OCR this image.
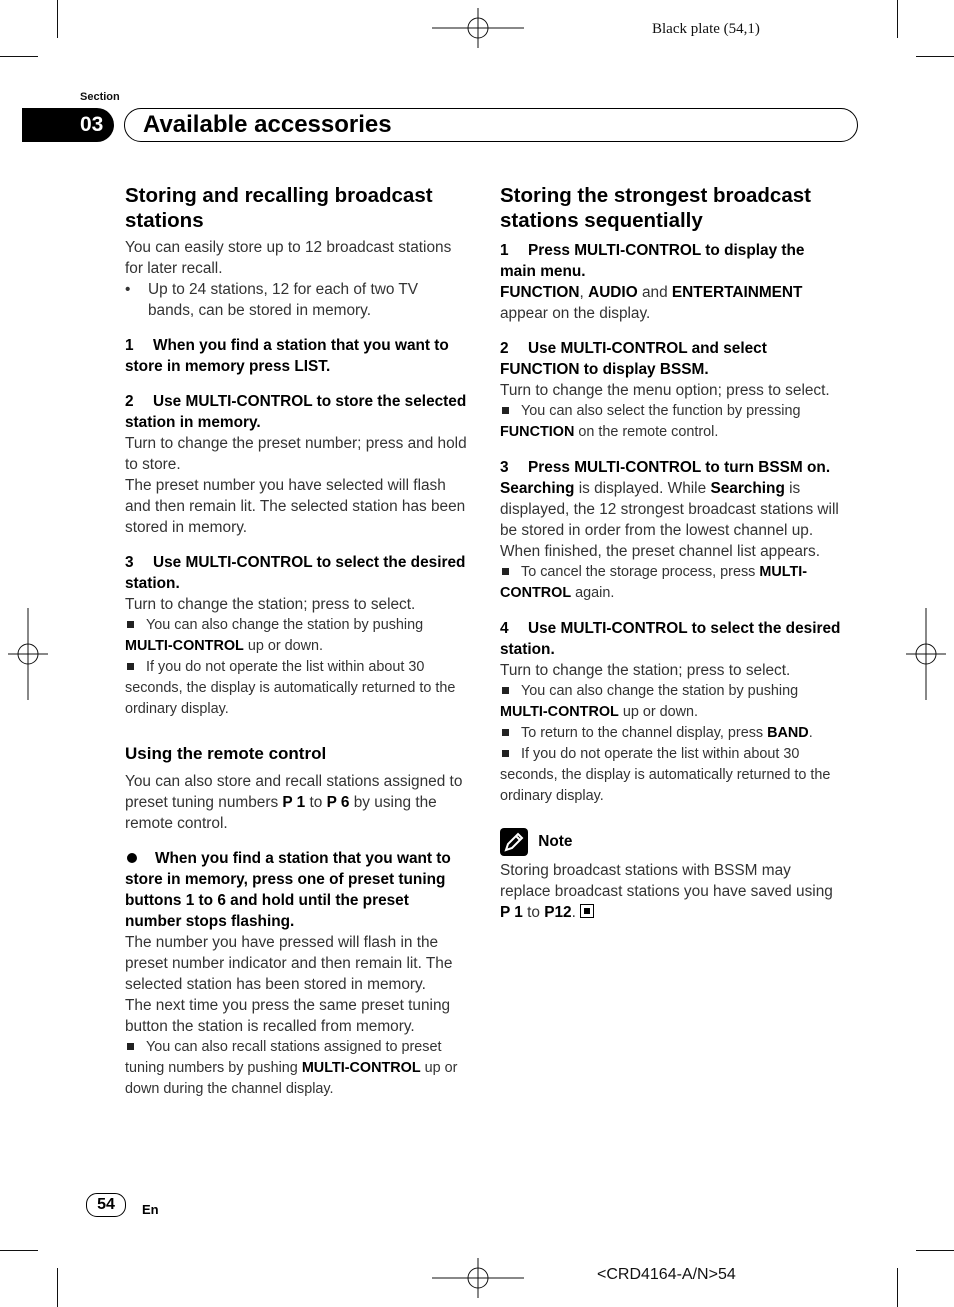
Black plate (54,1)
Section
03	Available accessories
Storing and recalling broadcast stations

You can easily store up to 12 broadcast stations for later recall.

• Up to 24 stations, 12 for each of two TV bands, can be stored in memory.

1 When you find a station that you want to store in memory press LIST.

2 Use MULTI-CONTROL to store the selected station in memory.

Turn to change the preset number; press and hold to store.

The preset number you have selected will flash and then remain lit. The selected station has been stored in memory.

3 Use MULTI-CONTROL to select the desired station.

Turn to change the station; press to select.

You can also change the station by pushing MULTI-CONTROL up or down.

If you do not operate the list within about 30 seconds, the display is automatically returned to the ordinary display.

Using the remote control

You can also store and recall stations assigned to preset tuning numbers P 1 to P 6 by using the remote control.

When you find a station that you want to store in memory, press one of preset tuning buttons 1 to 6 and hold until the preset number stops flashing.

The number you have pressed will flash in the preset number indicator and then remain lit. The selected station has been stored in memory.

The next time you press the same preset tuning button the station is recalled from memory.

You can also recall stations assigned to preset tuning numbers by pushing MULTI-CONTROL up or down during the channel display.

Storing the strongest broadcast stations sequentially

1 Press MULTI-CONTROL to display the main menu.

FUNCTION, AUDIO and ENTERTAINMENT appear on the display.

2 Use MULTI-CONTROL and select FUNCTION to display BSSM.

Turn to change the menu option; press to select.

You can also select the function by pressing FUNCTION on the remote control.

3 Press MULTI-CONTROL to turn BSSM on.

Searching is displayed. While Searching is displayed, the 12 strongest broadcast stations will be stored in order from the lowest channel up. When finished, the preset channel list appears.

To cancel the storage process, press MULTI-CONTROL again.

4 Use MULTI-CONTROL to select the desired station.

Turn to change the station; press to select.

You can also change the station by pushing MULTI-CONTROL up or down.

To return to the channel display, press BAND.

If you do not operate the list within about 30 seconds, the display is automatically returned to the ordinary display.

Note

Storing broadcast stations with BSSM may replace broadcast stations you have saved using P 1 to P12.

54	En
<CRD4164-A/N>54
